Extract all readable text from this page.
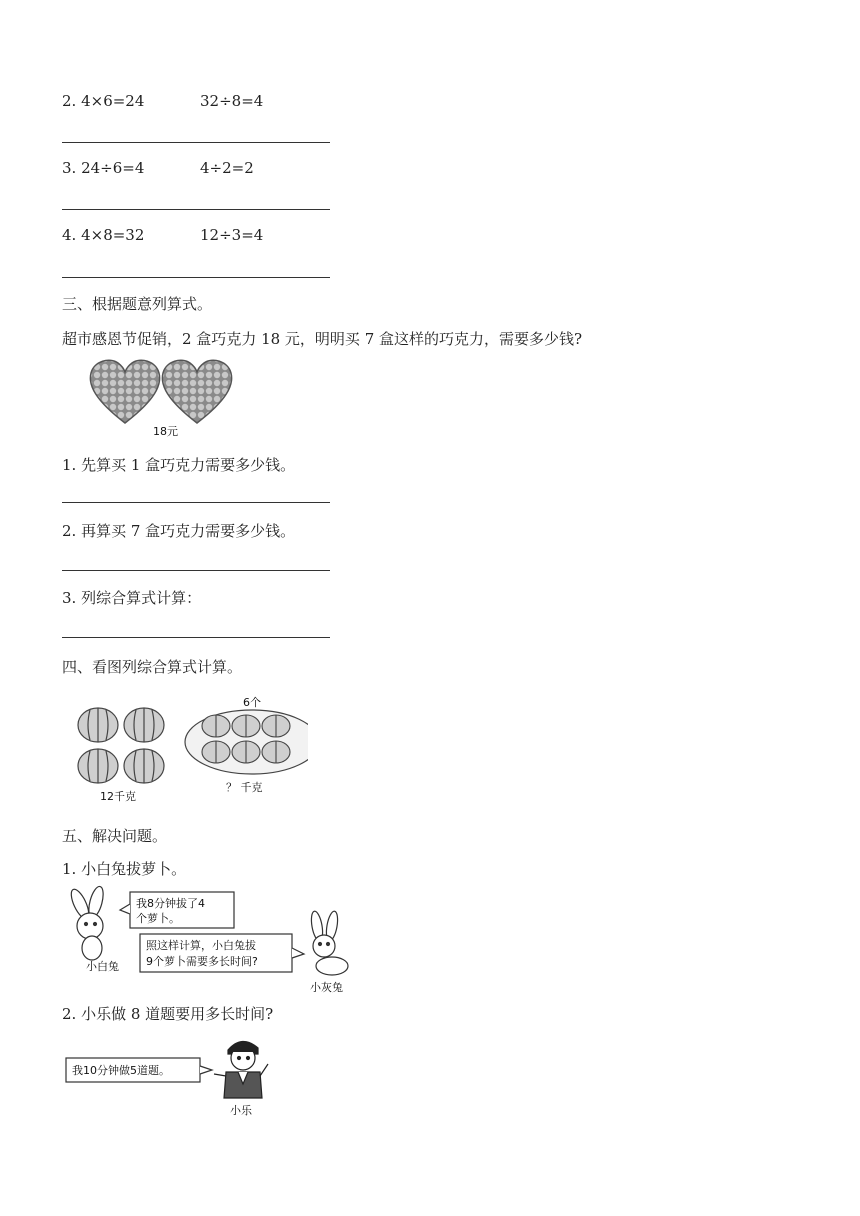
2. 4×6=24	32÷8=4
3. 24÷6=4	4÷2=2
4. 4×8=32	12÷3=4
三、根据题意列算式。
超市感恩节促销，2 盒巧克力 18 元，明明买 7 盒这样的巧克力，需要多少钱?
18元
1. 先算买 1 盒巧克力需要多少钱。
2. 再算买 7 盒巧克力需要多少钱。
3. 列综合算式计算：
四、看图列综合算式计算。
12千克
6个
？ 千克
五、解决问题。
1. 小白兔拔萝卜。
小白兔
我8分钟拔了4
个萝卜。
照这样计算，小白兔拔
9个萝卜需要多长时间?
小灰兔
2. 小乐做 8 道题要用多长时间?
我10分钟做5道题。
小乐
